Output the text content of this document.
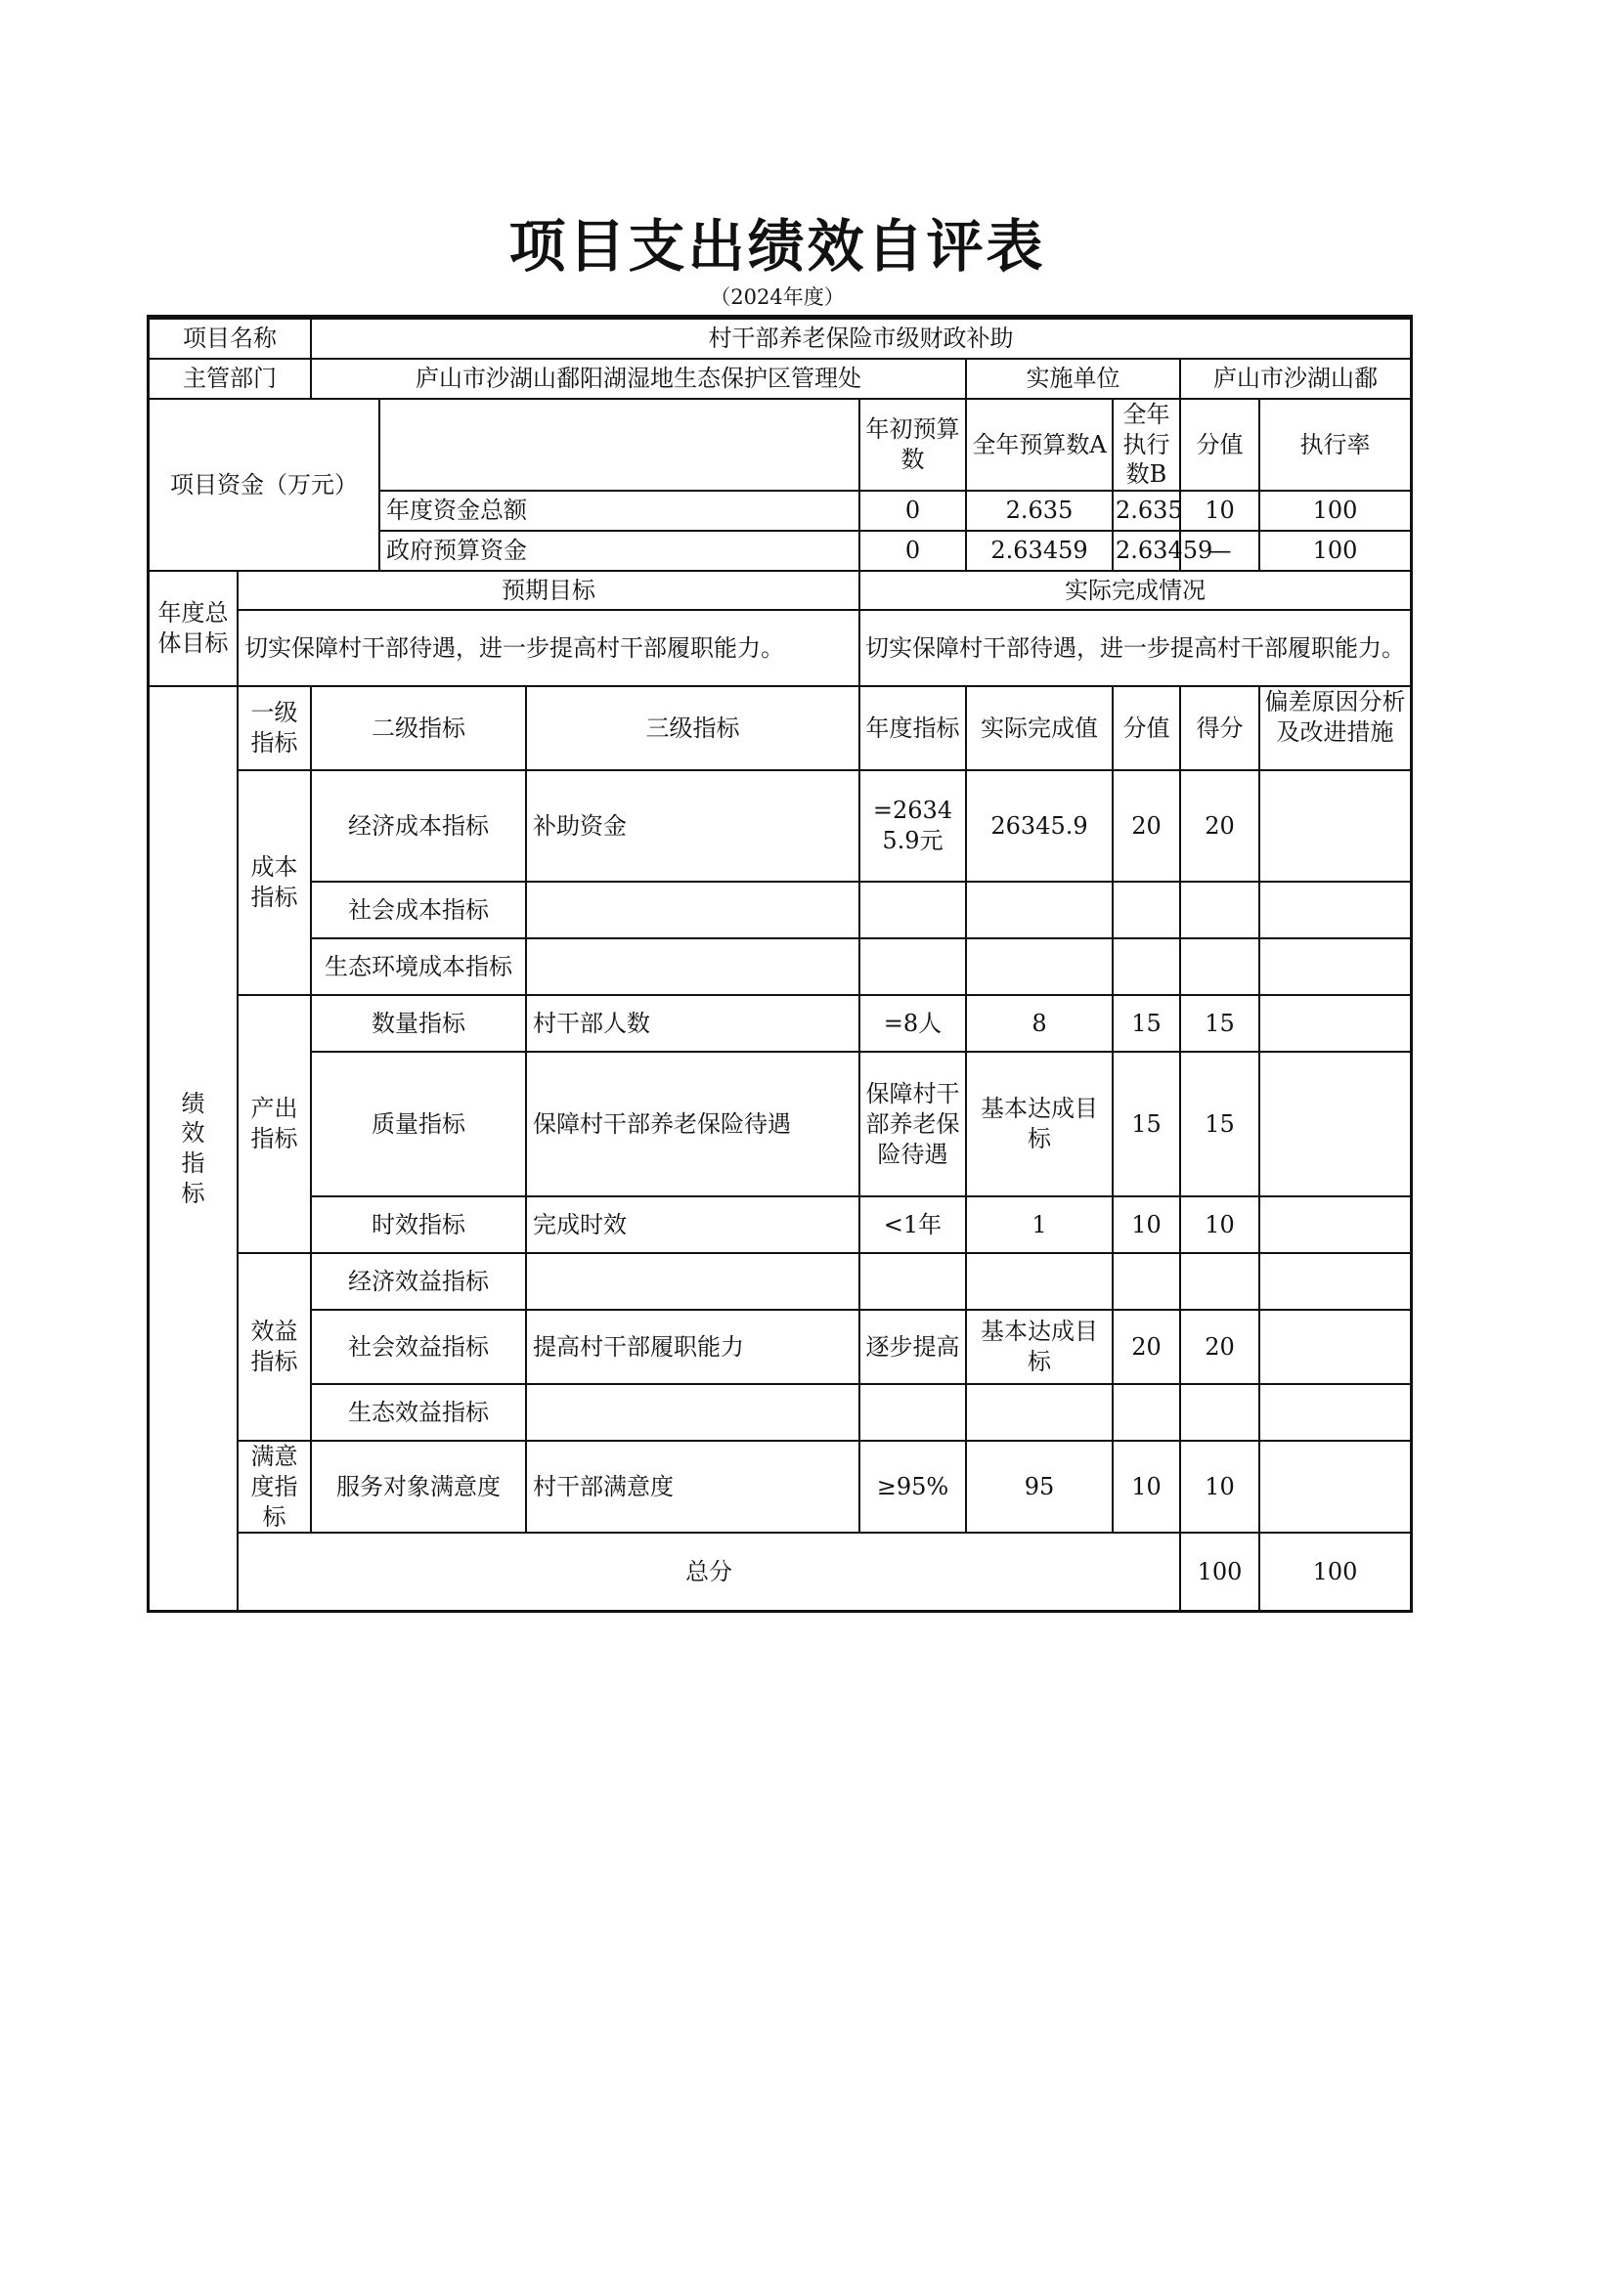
项目支出绩效自评表
（2024年度）

项目名称		村干部养老保险市级财政补助									
主管部门		庐山市沙湖山鄱阳湖湿地生态保护区管理处					实施单位		庐山市沙湖山鄱		
项目资金（万元）						年初预算数	全年预算数A	全年执行数B	分值	执行率	
			年度资金总额			0	2.635	2.635	10	100	
			政府预算资金			0	2.63459	2.63459	—	100	
年度总体目标	预期目标					实际完成情况					
	切实保障村干部待遇，进一步提高村干部履职能力。					切实保障村干部待遇，进一步提高村干部履职能力。					
绩效指标	一级指标	二级指标		三级指标		年度指标	实际完成值	分值	得分	偏差原因分析及改进措施	
	成本指标	经济成本指标		补助资金		=26345.9元	26345.9	20	20		
		社会成本指标									
		生态环境成本指标									
	产出指标	数量指标		村干部人数		=8人	8	15	15		
		质量指标		保障村干部养老保险待遇		保障村干部养老保险待遇	基本达成目标	15	15		
		时效指标		完成时效		<1年	1	10	10		
	效益指标	经济效益指标									
		社会效益指标		提高村干部履职能力		逐步提高	基本达成目标	20	20		
		生态效益指标									
	满意度指标	服务对象满意度		村干部满意度		≥95%	95	10	10		
	总分								100	100	
